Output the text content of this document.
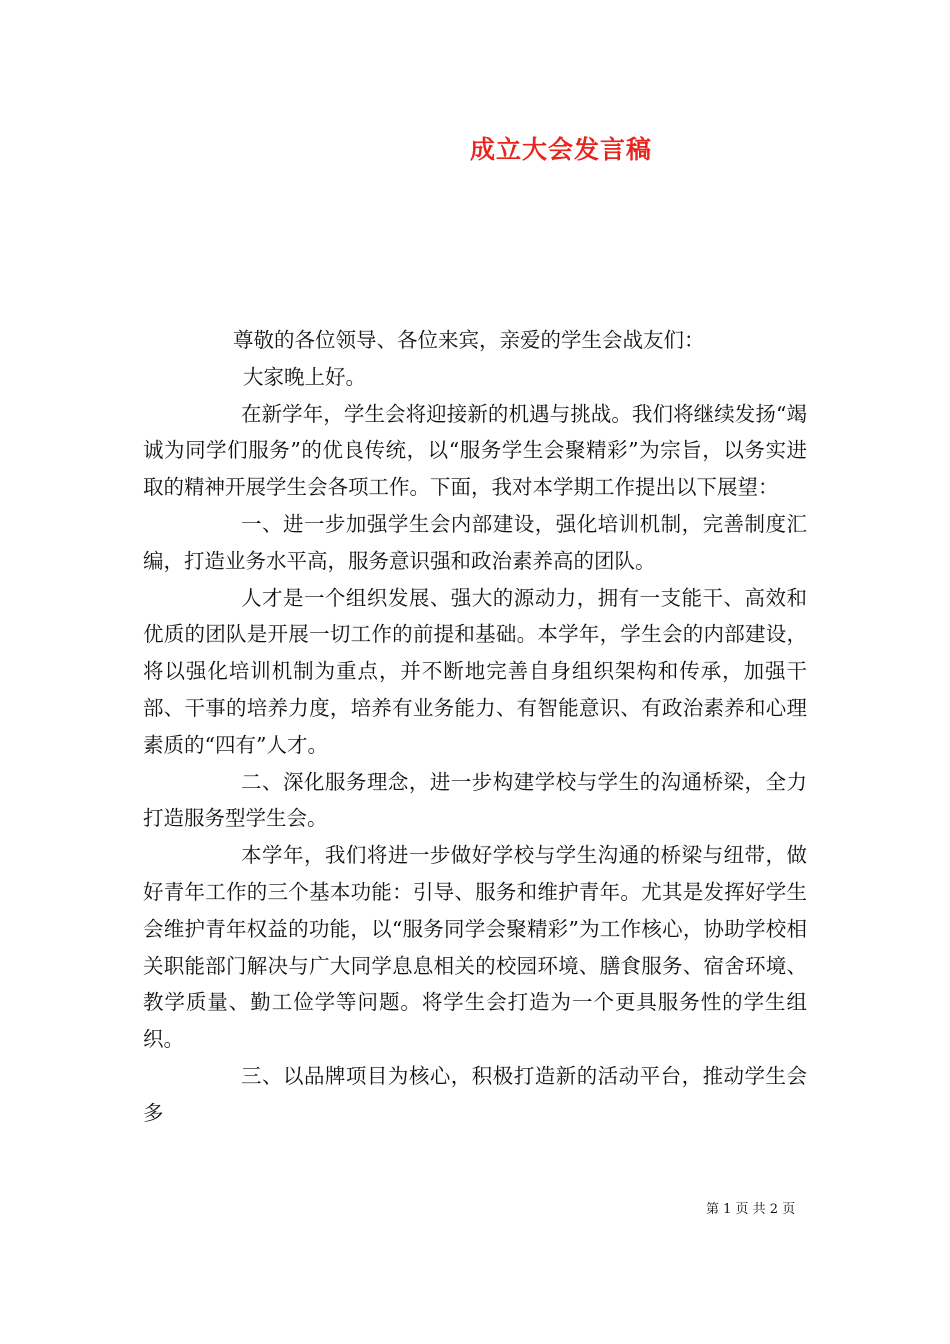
成立大会发言稿

尊敬的各位领导、各位来宾，亲爱的学生会战友们：

大家晚上好。

在新学年，学生会将迎接新的机遇与挑战。我们将继续发扬“竭诚为同学们服务”的优良传统，以“服务学生会聚精彩”为宗旨，以务实进取的精神开展学生会各项工作。下面，我对本学期工作提出以下展望：

一、进一步加强学生会内部建设，强化培训机制，完善制度汇编，打造业务水平高，服务意识强和政治素养高的团队。

人才是一个组织发展、强大的源动力，拥有一支能干、高效和优质的团队是开展一切工作的前提和基础。本学年，学生会的内部建设，将以强化培训机制为重点，并不断地完善自身组织架构和传承，加强干部、干事的培养力度，培养有业务能力、有智能意识、有政治素养和心理素质的“四有”人才。

二、深化服务理念，进一步构建学校与学生的沟通桥梁，全力打造服务型学生会。

本学年，我们将进一步做好学校与学生沟通的桥梁与纽带，做好青年工作的三个基本功能：引导、服务和维护青年。尤其是发挥好学生会维护青年权益的功能，以“服务同学会聚精彩”为工作核心，协助学校相关职能部门解决与广大同学息息相关的校园环境、膳食服务、宿舍环境、教学质量、勤工俭学等问题。将学生会打造为一个更具服务性的学生组织。

三、以品牌项目为核心，积极打造新的活动平台，推动学生会多

第 1 页 共 2 页
